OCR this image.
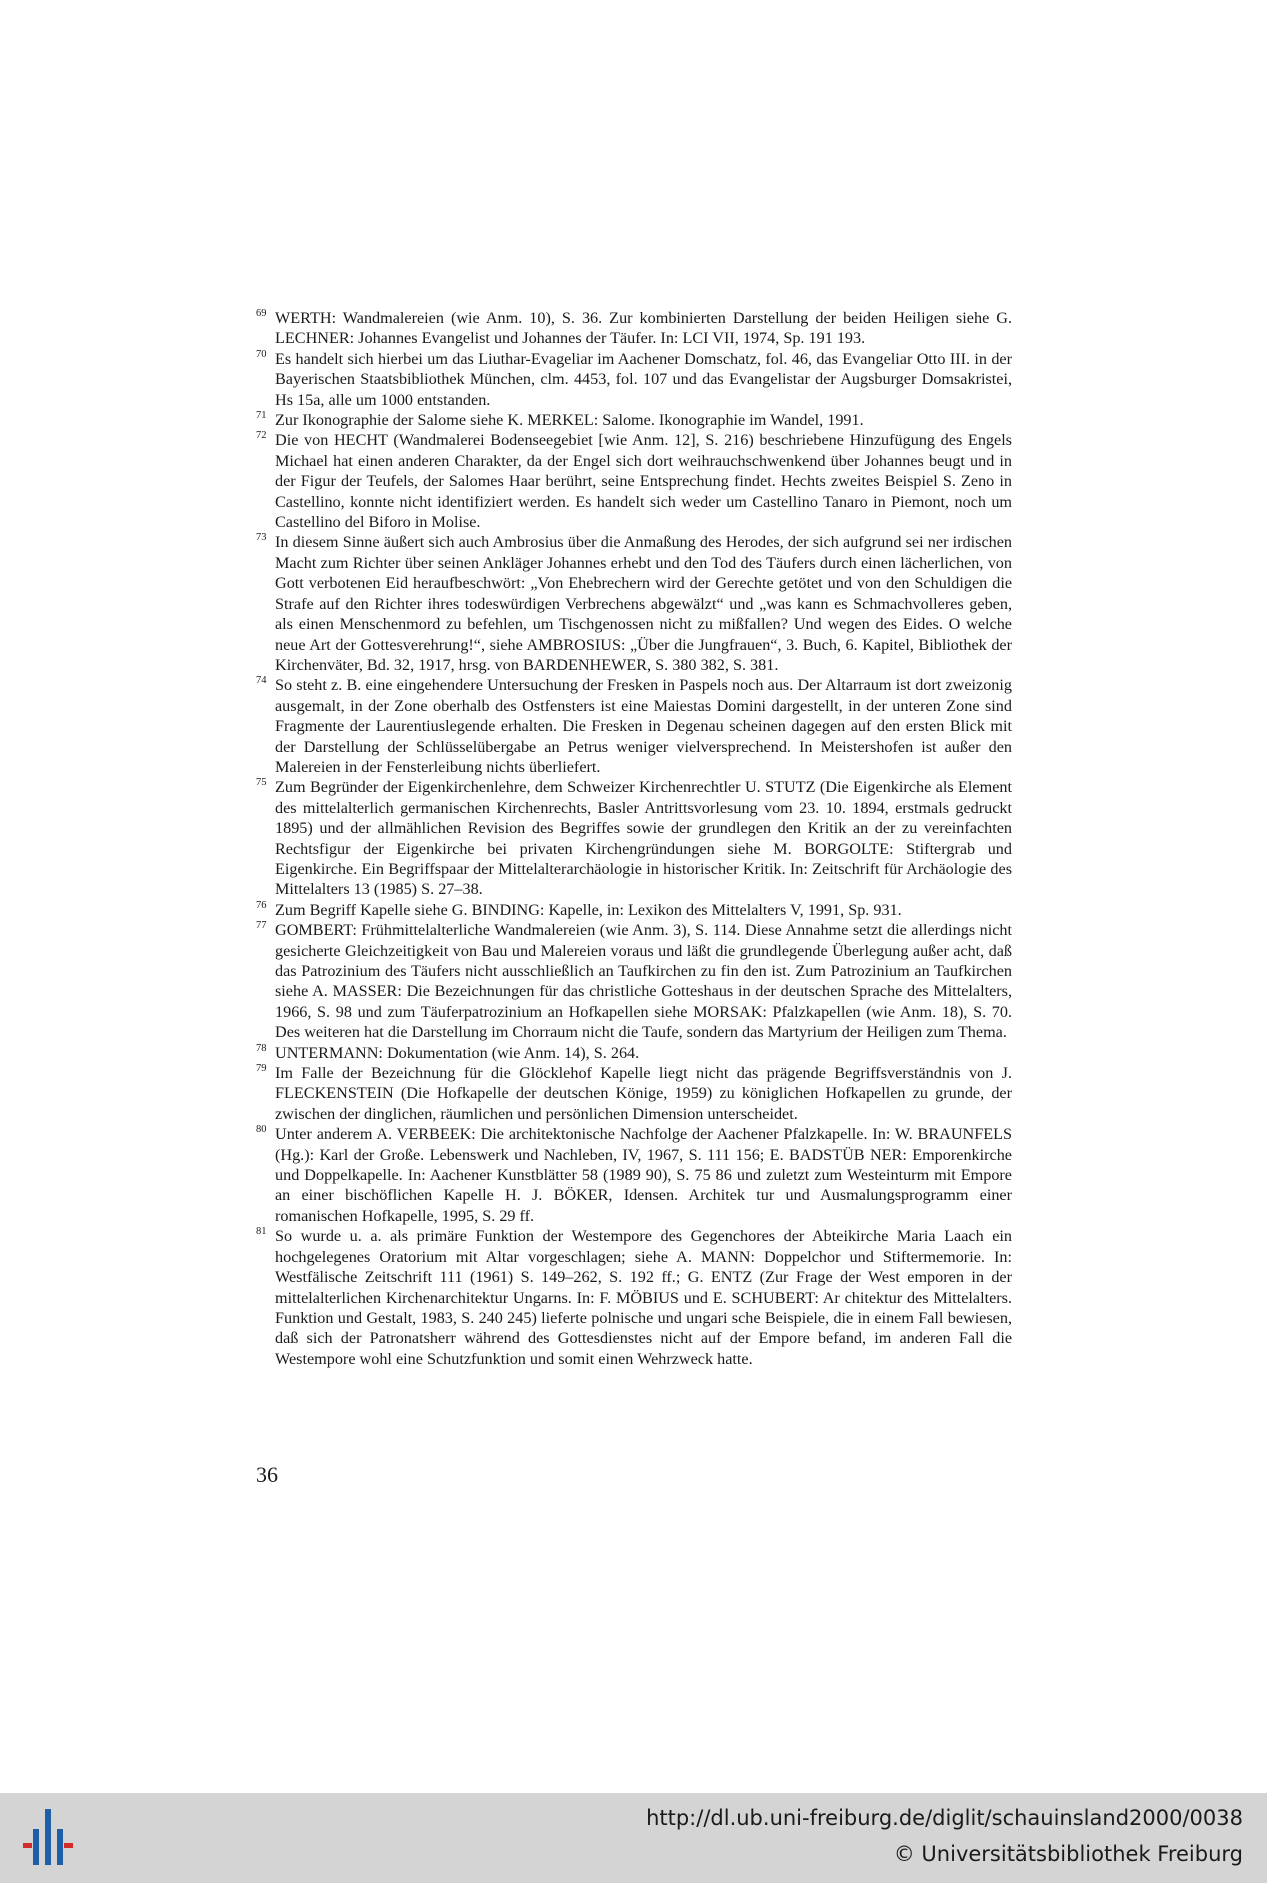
69 WERTH: Wandmalereien (wie Anm. 10), S. 36. Zur kombinierten Darstellung der beiden Heiligen siehe G. LECHNER: Johannes Evangelist und Johannes der Täufer. In: LCI VII, 1974, Sp. 191 193.
70 Es handelt sich hierbei um das Liuthar-Evageliar im Aachener Domschatz, fol. 46, das Evangeliar Otto III. in der Bayerischen Staatsbibliothek München, clm. 4453, fol. 107 und das Evangelistar der Augsburger Domsakristei, Hs 15a, alle um 1000 entstanden.
71 Zur Ikonographie der Salome siehe K. MERKEL: Salome. Ikonographie im Wandel, 1991.
72 Die von HECHT (Wandmalerei Bodenseegebiet [wie Anm. 12], S. 216) beschriebene Hinzufügung des Engels Michael hat einen anderen Charakter, da der Engel sich dort weihrauchschwenkend über Johannes beugt und in der Figur der Teufels, der Salomes Haar berührt, seine Entsprechung findet. Hechts zweites Beispiel S. Zeno in Castellino, konnte nicht identifiziert werden. Es handelt sich weder um Castellino Tanaro in Piemont, noch um Castellino del Biforo in Molise.
73 In diesem Sinne äußert sich auch Ambrosius über die Anmaßung des Herodes, der sich aufgrund sei ner irdischen Macht zum Richter über seinen Ankläger Johannes erhebt und den Tod des Täufers durch einen lächerlichen, von Gott verbotenen Eid heraufbeschwört: „Von Ehebrechern wird der Gerechte getötet und von den Schuldigen die Strafe auf den Richter ihres todeswürdigen Verbrechens abgewälzt“ und „was kann es Schmachvolleres geben, als einen Menschenmord zu befehlen, um Tischgenossen nicht zu mißfallen? Und wegen des Eides. O welche neue Art der Gottesverehrung!“, siehe AMBROSIUS: „Über die Jungfrauen“, 3. Buch, 6. Kapitel, Bibliothek der Kirchenväter, Bd. 32, 1917, hrsg. von BARDENHEWER, S. 380 382, S. 381.
74 So steht z. B. eine eingehendere Untersuchung der Fresken in Paspels noch aus. Der Altarraum ist dort zweizonig ausgemalt, in der Zone oberhalb des Ostfensters ist eine Maiestas Domini dargestellt, in der unteren Zone sind Fragmente der Laurentiuslegende erhalten. Die Fresken in Degenau scheinen dagegen auf den ersten Blick mit der Darstellung der Schlüsselübergabe an Petrus weniger vielversprechend. In Meistershofen ist außer den Malereien in der Fensterleibung nichts überliefert.
75 Zum Begründer der Eigenkirchenlehre, dem Schweizer Kirchenrechtler U. STUTZ (Die Eigenkirche als Element des mittelalterlich germanischen Kirchenrechts, Basler Antrittsvorlesung vom 23. 10. 1894, erstmals gedruckt 1895) und der allmählichen Revision des Begriffes sowie der grundlegen den Kritik an der zu vereinfachten Rechtsfigur der Eigenkirche bei privaten Kirchengründungen siehe M. BORGOLTE: Stiftergrab und Eigenkirche. Ein Begriffspaar der Mittelalterarchäologie in historischer Kritik. In: Zeitschrift für Archäologie des Mittelalters 13 (1985) S. 27–38.
76 Zum Begriff Kapelle siehe G. BINDING: Kapelle, in: Lexikon des Mittelalters V, 1991, Sp. 931.
77 GOMBERT: Frühmittelalterliche Wandmalereien (wie Anm. 3), S. 114. Diese Annahme setzt die allerdings nicht gesicherte Gleichzeitigkeit von Bau und Malereien voraus und läßt die grundlegende Überlegung außer acht, daß das Patrozinium des Täufers nicht ausschließlich an Taufkirchen zu fin den ist. Zum Patrozinium an Taufkirchen siehe A. MASSER: Die Bezeichnungen für das christliche Gotteshaus in der deutschen Sprache des Mittelalters, 1966, S. 98 und zum Täuferpatrozinium an Hofkapellen siehe MORSAK: Pfalzkapellen (wie Anm. 18), S. 70. Des weiteren hat die Darstellung im Chorraum nicht die Taufe, sondern das Martyrium der Heiligen zum Thema.
78 UNTERMANN: Dokumentation (wie Anm. 14), S. 264.
79 Im Falle der Bezeichnung für die Glöcklehof Kapelle liegt nicht das prägende Begriffsverständnis von J. FLECKENSTEIN (Die Hofkapelle der deutschen Könige, 1959) zu königlichen Hofkapellen zu grunde, der zwischen der dinglichen, räumlichen und persönlichen Dimension unterscheidet.
80 Unter anderem A. VERBEEK: Die architektonische Nachfolge der Aachener Pfalzkapelle. In: W. BRAUNFELS (Hg.): Karl der Große. Lebenswerk und Nachleben, IV, 1967, S. 111 156; E. BADSTÜB NER: Emporenkirche und Doppelkapelle. In: Aachener Kunstblätter 58 (1989 90), S. 75 86 und zuletzt zum Westeinturm mit Empore an einer bischöflichen Kapelle H. J. BÖKER, Idensen. Architek tur und Ausmalungsprogramm einer romanischen Hofkapelle, 1995, S. 29 ff.
81 So wurde u. a. als primäre Funktion der Westempore des Gegenchores der Abteikirche Maria Laach ein hochgelegenes Oratorium mit Altar vorgeschlagen; siehe A. MANN: Doppelchor und Stiftermemorie. In: Westfälische Zeitschrift 111 (1961) S. 149–262, S. 192 ff.; G. ENTZ (Zur Frage der West emporen in der mittelalterlichen Kirchenarchitektur Ungarns. In: F. MÖBIUS und E. SCHUBERT: Ar chitektur des Mittelalters. Funktion und Gestalt, 1983, S. 240 245) lieferte polnische und ungari sche Beispiele, die in einem Fall bewiesen, daß sich der Patronatsherr während des Gottesdienstes nicht auf der Empore befand, im anderen Fall die Westempore wohl eine Schutzfunktion und somit einen Wehrzweck hatte.
36
http://dl.ub.uni-freiburg.de/diglit/schauinsland2000/0038
© Universitätsbibliothek Freiburg
